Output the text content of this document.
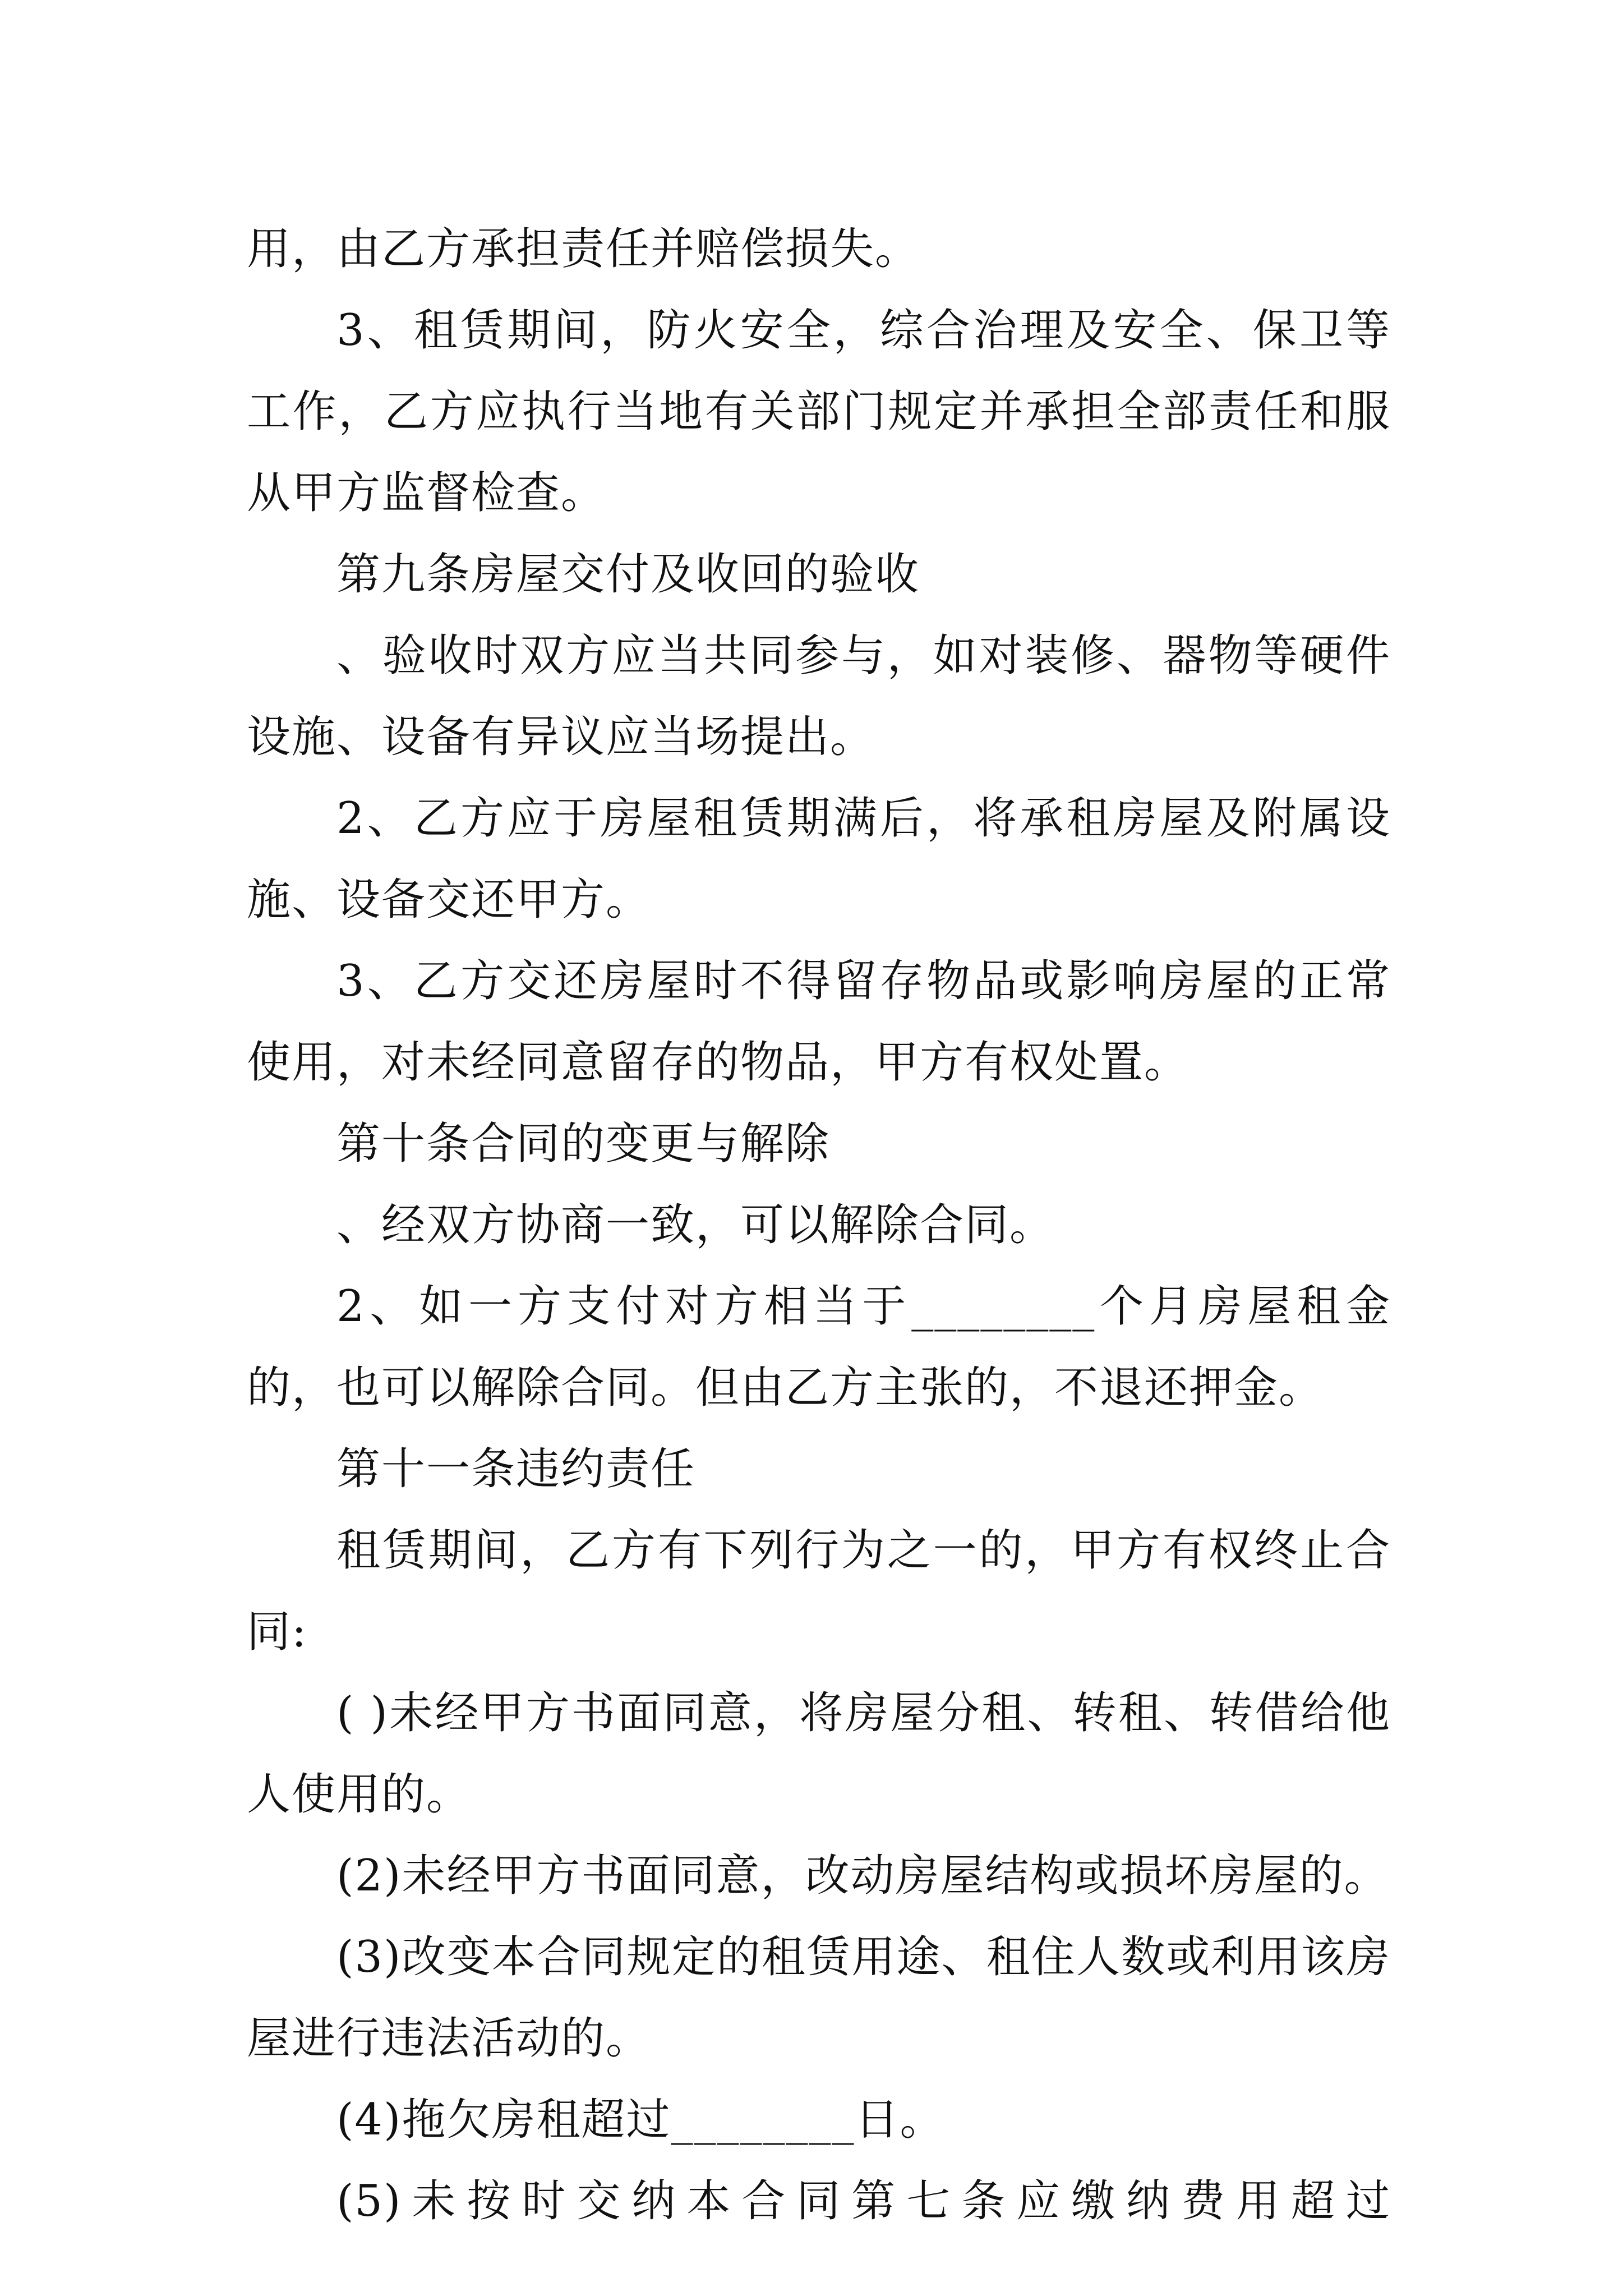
用，由乙方承担责任并赔偿损失。

3、租赁期间，防火安全，综合治理及安全、保卫等工作，乙方应执行当地有关部门规定并承担全部责任和服从甲方监督检查。

第九条房屋交付及收回的验收

、验收时双方应当共同参与，如对装修、器物等硬件设施、设备有异议应当场提出。

2、乙方应于房屋租赁期满后，将承租房屋及附属设施、设备交还甲方。

3、乙方交还房屋时不得留存物品或影响房屋的正常使用，对未经同意留存的物品，甲方有权处置。

第十条合同的变更与解除

、经双方协商一致，可以解除合同。

2、如一方支付对方相当于________个月房屋租金的，也可以解除合同。但由乙方主张的，不退还押金。

第十一条违约责任

租赁期间，乙方有下列行为之一的，甲方有权终止合同:

( )未经甲方书面同意，将房屋分租、转租、转借给他人使用的。

(2)未经甲方书面同意，改动房屋结构或损坏房屋的。

(3)改变本合同规定的租赁用途、租住人数或利用该房屋进行违法活动的。

(4)拖欠房租超过________日。

(5)未按时交纳本合同第七条应缴纳费用超过
